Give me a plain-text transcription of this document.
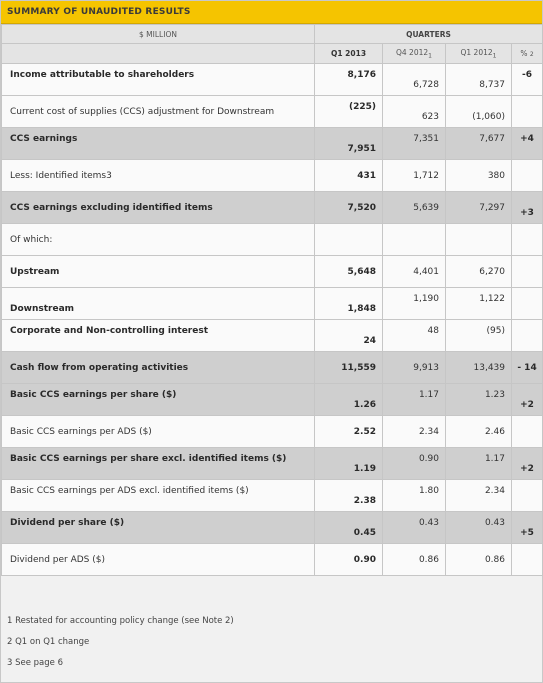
SUMMARY OF UNAUDITED RESULTS
$ MILLION	QUARTERS			
	Q1 2013	Q4 $2012_1$	Q1 $2012_1$	% 2
Income attributable to shareholders	8,176	6,728	8,737	-6
Current cost of supplies (CCS) adjustment for Downstream	(225)	623	(1,060)	
CCS earnings	7,951	7,351	7,677	+4
Less: Identified items3	431	1,712	380	
CCS earnings excluding identified items	7,520	5,639	7,297	+3
Of which:				
Upstream	5,648	4,401	6,270	
Downstream	1,848	1,190	1,122	
Corporate and Non-controlling interest	24	48	(95)	
Cash flow from operating activities	11,559	9,913	13,439	- 14
Basic CCS earnings per share ($)	1.26	1.17	1.23	+2
Basic CCS earnings per ADS ($)	2.52	2.34	2.46	
Basic CCS earnings per share excl. identified items ($)	1.19	0.90	1.17	+2
Basic CCS earnings per ADS excl. identified items ($)	2.38	1.80	2.34	
Dividend per share ($)	0.45	0.43	0.43	+5
Dividend per ADS ($)	0.90	0.86	0.86	
1 Restated for accounting policy change (see Note 2)
2 Q1 on Q1 change
3 See page 6
